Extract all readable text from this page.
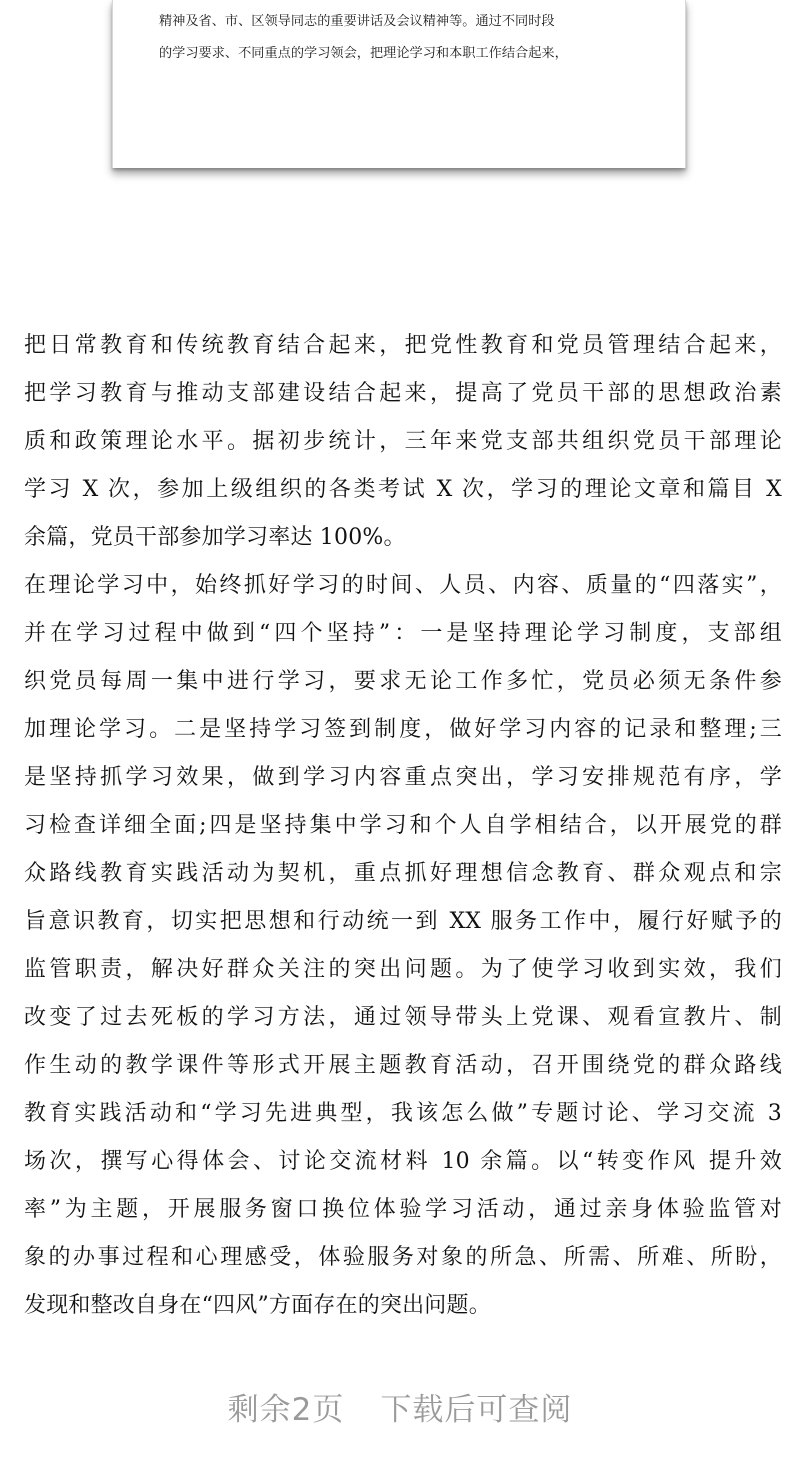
精神及省、市、区领导同志的重要讲话及会议精神等。通过不同时段
的学习要求、不同重点的学习领会，把理论学习和本职工作结合起来，
把日常教育和传统教育结合起来，把党性教育和党员管理结合起来，
把学习教育与推动支部建设结合起来，提高了党员干部的思想政治素
质和政策理论水平。据初步统计，三年来党支部共组织党员干部理论
学习 X 次，参加上级组织的各类考试 X 次，学习的理论文章和篇目 X
余篇，党员干部参加学习率达 100%。
在理论学习中，始终抓好学习的时间、人员、内容、质量的“四落实”，
并在学习过程中做到“四个坚持”：一是坚持理论学习制度，支部组
织党员每周一集中进行学习，要求无论工作多忙，党员必须无条件参
加理论学习。二是坚持学习签到制度，做好学习内容的记录和整理;三
是坚持抓学习效果，做到学习内容重点突出，学习安排规范有序，学
习检查详细全面;四是坚持集中学习和个人自学相结合，以开展党的群
众路线教育实践活动为契机，重点抓好理想信念教育、群众观点和宗
旨意识教育，切实把思想和行动统一到 XX 服务工作中，履行好赋予的
监管职责，解决好群众关注的突出问题。为了使学习收到实效，我们
改变了过去死板的学习方法，通过领导带头上党课、观看宣教片、制
作生动的教学课件等形式开展主题教育活动，召开围绕党的群众路线
教育实践活动和“学习先进典型，我该怎么做”专题讨论、学习交流 3
场次，撰写心得体会、讨论交流材料 10 余篇。以“转变作风 提升效
率”为主题，开展服务窗口换位体验学习活动，通过亲身体验监管对
象的办事过程和心理感受，体验服务对象的所急、所需、所难、所盼，
发现和整改自身在“四风”方面存在的突出问题。
剩余2页 下载后可查阅
